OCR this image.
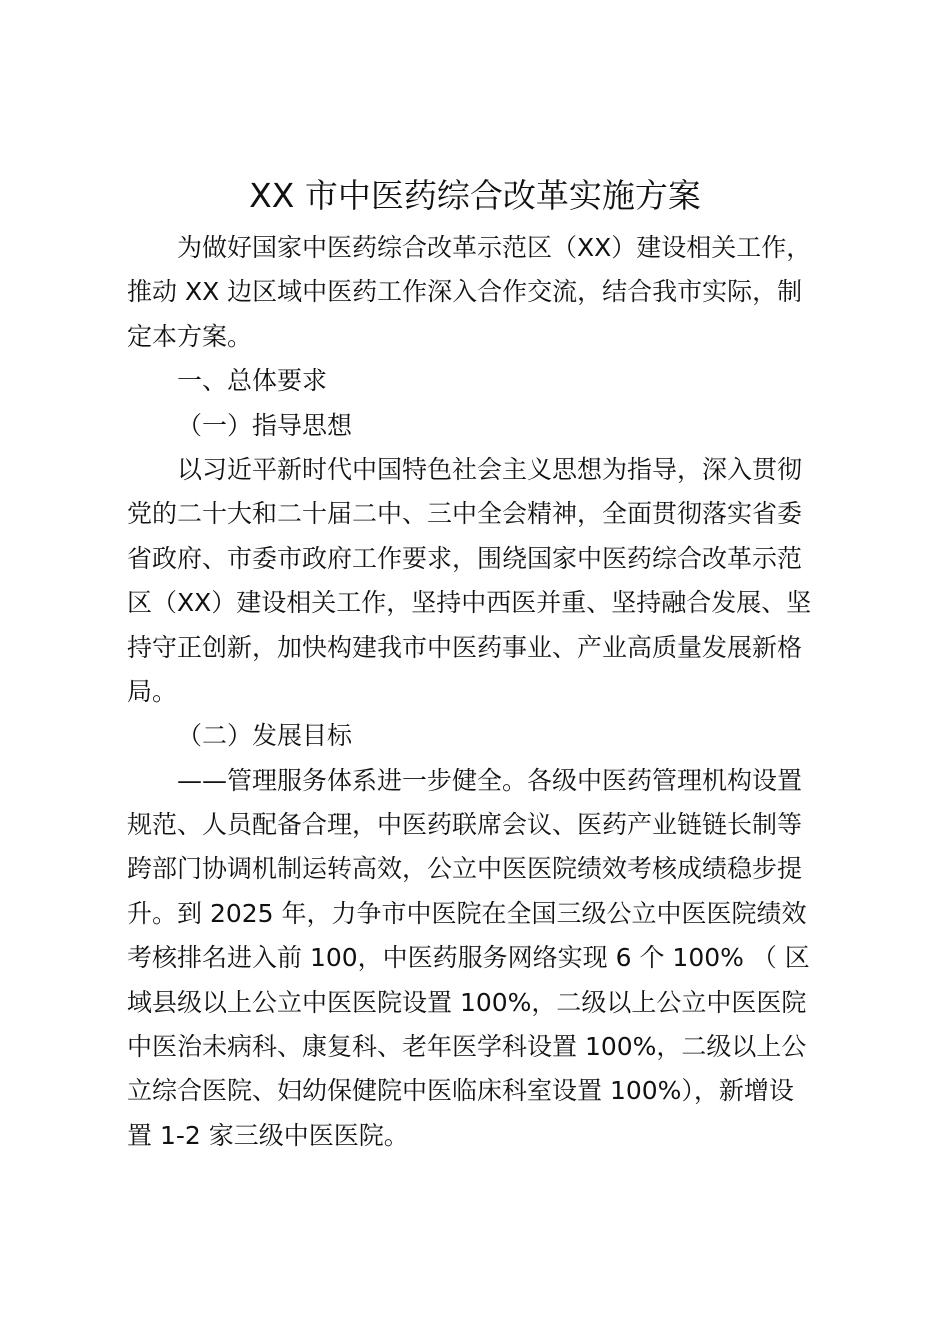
XX 市中医药综合改革实施方案
为做好国家中医药综合改革示范区（XX）建设相关工作，
推动 XX 边区域中医药工作深入合作交流，结合我市实际，制
定本方案。
一、总体要求
（一）指导思想
以习近平新时代中国特色社会主义思想为指导，深入贯彻
党的二十大和二十届二中、三中全会精神，全面贯彻落实省委
省政府、市委市政府工作要求，围绕国家中医药综合改革示范
区（XX）建设相关工作，坚持中西医并重、坚持融合发展、坚
持守正创新，加快构建我市中医药事业、产业高质量发展新格
局。
（二）发展目标
——管理服务体系进一步健全。各级中医药管理机构设置
规范、人员配备合理，中医药联席会议、医药产业链链长制等
跨部门协调机制运转高效，公立中医医院绩效考核成绩稳步提
升。到 2025 年，力争市中医院在全国三级公立中医医院绩效
考核排名进入前 100，中医药服务网络实现 6 个 100% （ 区
域县级以上公立中医医院设置 100%，二级以上公立中医医院
中医治未病科、康复科、老年医学科设置 100%，二级以上公
立综合医院、妇幼保健院中医临床科室设置 100%），新增设
置 1-2 家三级中医医院。
